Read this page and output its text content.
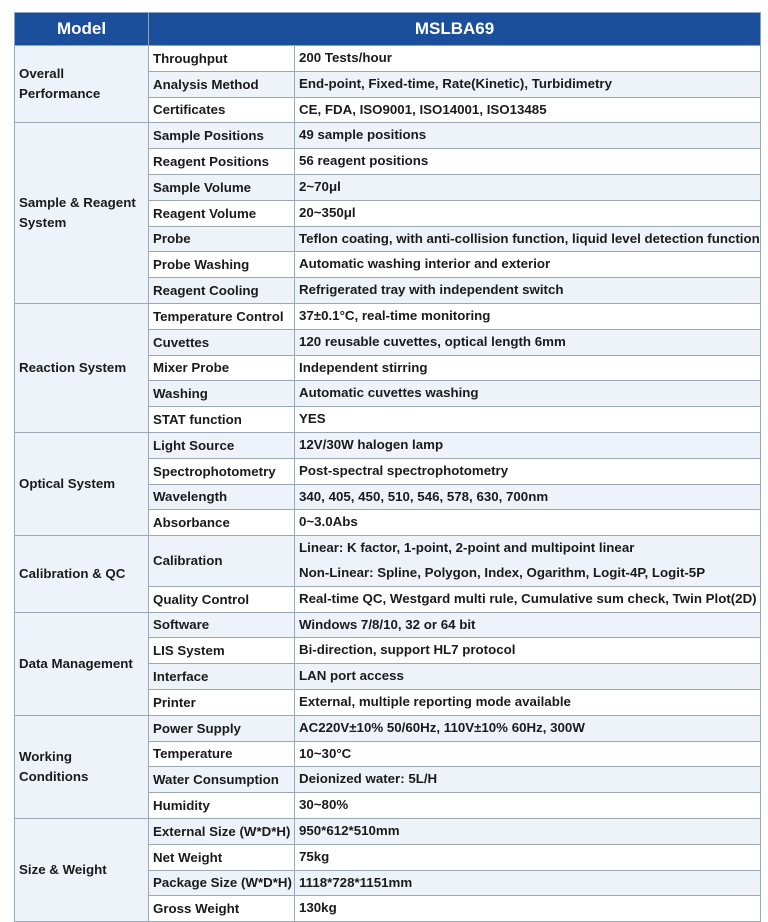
Model	MSLBA69	
Overall Performance	Throughput	200 Tests/hour

	Analysis Method	End-point, Fixed-time, Rate(Kinetic), Turbidimetry

	Certificates	CE, FDA, ISO9001, ISO14001, ISO13485

Sample & Reagent System	Sample Positions	49 sample positions

	Reagent Positions	56 reagent positions

	Sample Volume	2~70μl

	Reagent Volume	20~350μl

	Probe	Teflon coating, with anti-collision function, liquid level detection function

	Probe Washing	Automatic washing interior and exterior

	Reagent Cooling	Refrigerated tray with independent switch

Reaction System	Temperature Control	37±0.1°C, real-time monitoring

	Cuvettes	120 reusable cuvettes, optical length 6mm

	Mixer Probe	Independent stirring

	Washing	Automatic cuvettes washing

	STAT function	YES

Optical System	Light Source	12V/30W halogen lamp

	Spectrophotometry	Post-spectral spectrophotometry

	Wavelength	340, 405, 450, 510, 546, 578, 630, 700nm

	Absorbance	0~3.0Abs

Calibration & QC	Calibration	Linear: K factor, 1-point, 2-point and multipoint linear
Non-Linear: Spline, Polygon, Index, Ogarithm, Logit-4P, Logit-5P

	Quality Control	Real-time QC, Westgard multi rule, Cumulative sum check, Twin Plot(2D)

Data Management	Software	Windows 7/8/10, 32 or 64 bit

	LIS System	Bi-direction, support HL7 protocol

	Interface	LAN port access

	Printer	External, multiple reporting mode available

Working Conditions	Power Supply	AC220V±10% 50/60Hz, 110V±10% 60Hz, 300W

	Temperature	10~30°C

	Water Consumption	Deionized water: 5L/H

	Humidity	30~80%

Size & Weight	External Size (W*D*H)	950*612*510mm

	Net Weight	75kg

	Package Size (W*D*H)	1118*728*1151mm

	Gross Weight	130kg
